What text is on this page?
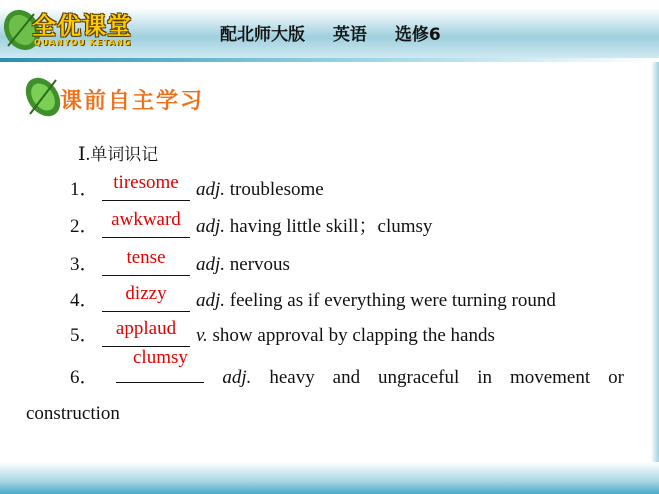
全优课堂
QUANYOU KETANG	配北师大版 英语 选修6
课前自主学习
Ⅰ.单词识记
1． tiresome adj. troublesome
2． awkward adj. having little skill；clumsy
3．	tense	adj. nervous
4．	dizzy	adj. feeling as if everything were turning round
5． applaud	v. show approval by clapping the hands
6．
clumsy
adj. heavy and ungraceful in movement or
construction
